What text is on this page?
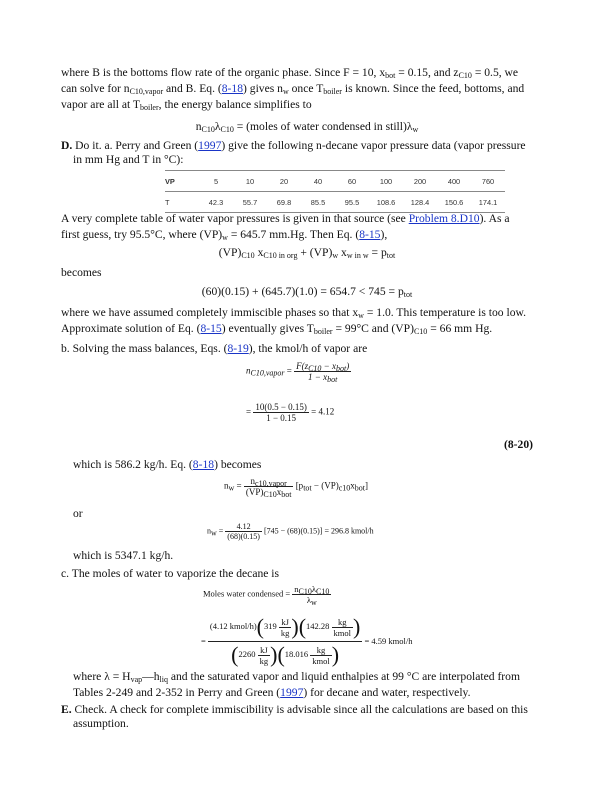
where B is the bottoms flow rate of the organic phase. Since F = 10, $x_{bot} = 0.15$, and $z_{C10} = 0.5$, we
can solve for $n_{C10,vapor}$ and B. Eq. (8-18) gives $n_w$ once $T_{boiler}$ is known. Since the feed, bottoms, and
vapor are all at $T_{boiler}$, the energy balance simplifies to
$n_{C10}\lambda_{C10}$ = (moles of water condensed in $still)\lambda_w$
D. Do it. a. Perry and Green (1997) give the following n-decane vapor pressure data (vapor pressure
in mm Hg and T in °C):
VP	5	10	20	40	60	100	200	400	760
T	42.3	55.7	69.8	85.5	95.5	108.6	128.4	150.6	174.1
A very complete table of water vapor pressures is given in that source (see Problem 8.D10). As a
first guess, try 95.5°C, where $(VP)_w = 645.7$ mm.Hg. Then Eq. (8-15),
$(VP)_{C10}$ $x_{C10 in org} + (VP)_w$ $x_{w in w} = p_{tot}$
becomes
$(60)(0.15) + (645.7)(1.0) = 654.7 < 745 = p_{tot}$
where we have assumed completely immiscible phases so that $x_w = 1.0$. This temperature is too low.
Approximate solution of Eq. (8-15) eventually gives $T_{boiler} = 99^\circ C$ and $(VP)_{C10} = 66$ mm Hg.
b. Solving the mass balances, Eqs. (8-19), the kmol/h of vapor are
$n_{C10,vapor} = \frac{F(z_{C10} - x_{bot})}{1 - x_{bot}}$
= $\frac{10(0.5 - 0.15)}{1 - 0.15} = 4.12$
(8-20)
which is 586.2 kg/h. Eq. (8-18) becomes
$n_w = \frac{n_{c10,vapor}}{(VP)_{C10}x_{bot}} [p_{tot} - (VP)_{c10}x_{bot}]$
or
$n_w = \frac{4.12}{(68)(0.15)} [745 - (68)(0.15)] = 296.8$ kmol/h
which is 5347.1 kg/h.
c. The moles of water to vaporize the decane is
Moles water condensed = $\frac{n_{C10}\lambda_{C10}}{\lambda_w}$
= $\frac{(4.12 kmol/h)(319 \frac{kJ}{kg} )(142.28 \frac{kg}{\text{kmol}} )}{(2260 \frac{kJ}{kg} )(18.016 \frac{kg}{\text{kmol}} )} = 4.59$ kmol/h
where $\lambda = H_{vap}—h_{liq}$ and the saturated vapor and liquid enthalpies at 99 °C are interpolated from
Tables 2-249 and 2-352 in Perry and Green (1997) for decane and water, respectively.
E. Check. A check for complete immiscibility is advisable since all the calculations are based on this
assumption.
